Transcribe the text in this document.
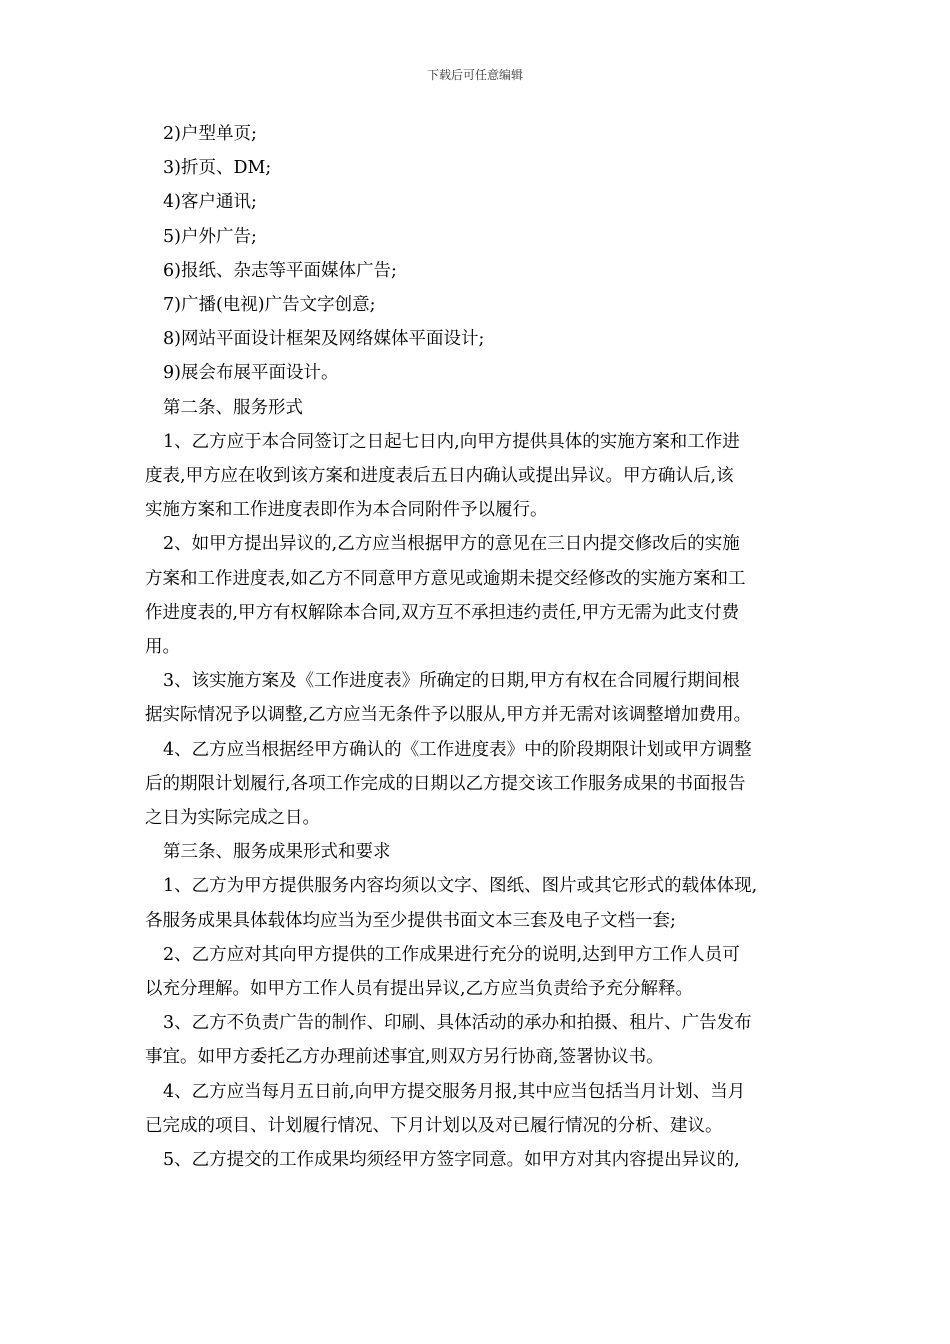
下载后可任意编辑
2)户型单页;
3)折页、DM;
4)客户通讯;
5)户外广告;
6)报纸、杂志等平面媒体广告;
7)广播(电视)广告文字创意;
8)网站平面设计框架及网络媒体平面设计;
9)展会布展平面设计。
第二条、服务形式
1、乙方应于本合同签订之日起七日内,向甲方提供具体的实施方案和工作进
度表,甲方应在收到该方案和进度表后五日内确认或提出异议。甲方确认后,该
实施方案和工作进度表即作为本合同附件予以履行。
2、如甲方提出异议的,乙方应当根据甲方的意见在三日内提交修改后的实施
方案和工作进度表,如乙方不同意甲方意见或逾期未提交经修改的实施方案和工
作进度表的,甲方有权解除本合同,双方互不承担违约责任,甲方无需为此支付费
用。
3、该实施方案及《工作进度表》所确定的日期,甲方有权在合同履行期间根
据实际情况予以调整,乙方应当无条件予以服从,甲方并无需对该调整增加费用。
4、乙方应当根据经甲方确认的《工作进度表》中的阶段期限计划或甲方调整
后的期限计划履行,各项工作完成的日期以乙方提交该工作服务成果的书面报告
之日为实际完成之日。
第三条、服务成果形式和要求
1、乙方为甲方提供服务内容均须以文字、图纸、图片或其它形式的载体体现,
各服务成果具体载体均应当为至少提供书面文本三套及电子文档一套;
2、乙方应对其向甲方提供的工作成果进行充分的说明,达到甲方工作人员可
以充分理解。如甲方工作人员有提出异议,乙方应当负责给予充分解释。
3、乙方不负责广告的制作、印刷、具体活动的承办和拍摄、租片、广告发布
事宜。如甲方委托乙方办理前述事宜,则双方另行协商,签署协议书。
4、乙方应当每月五日前,向甲方提交服务月报,其中应当包括当月计划、当月
已完成的项目、计划履行情况、下月计划以及对已履行情况的分析、建议。
5、乙方提交的工作成果均须经甲方签字同意。如甲方对其内容提出异议的,
